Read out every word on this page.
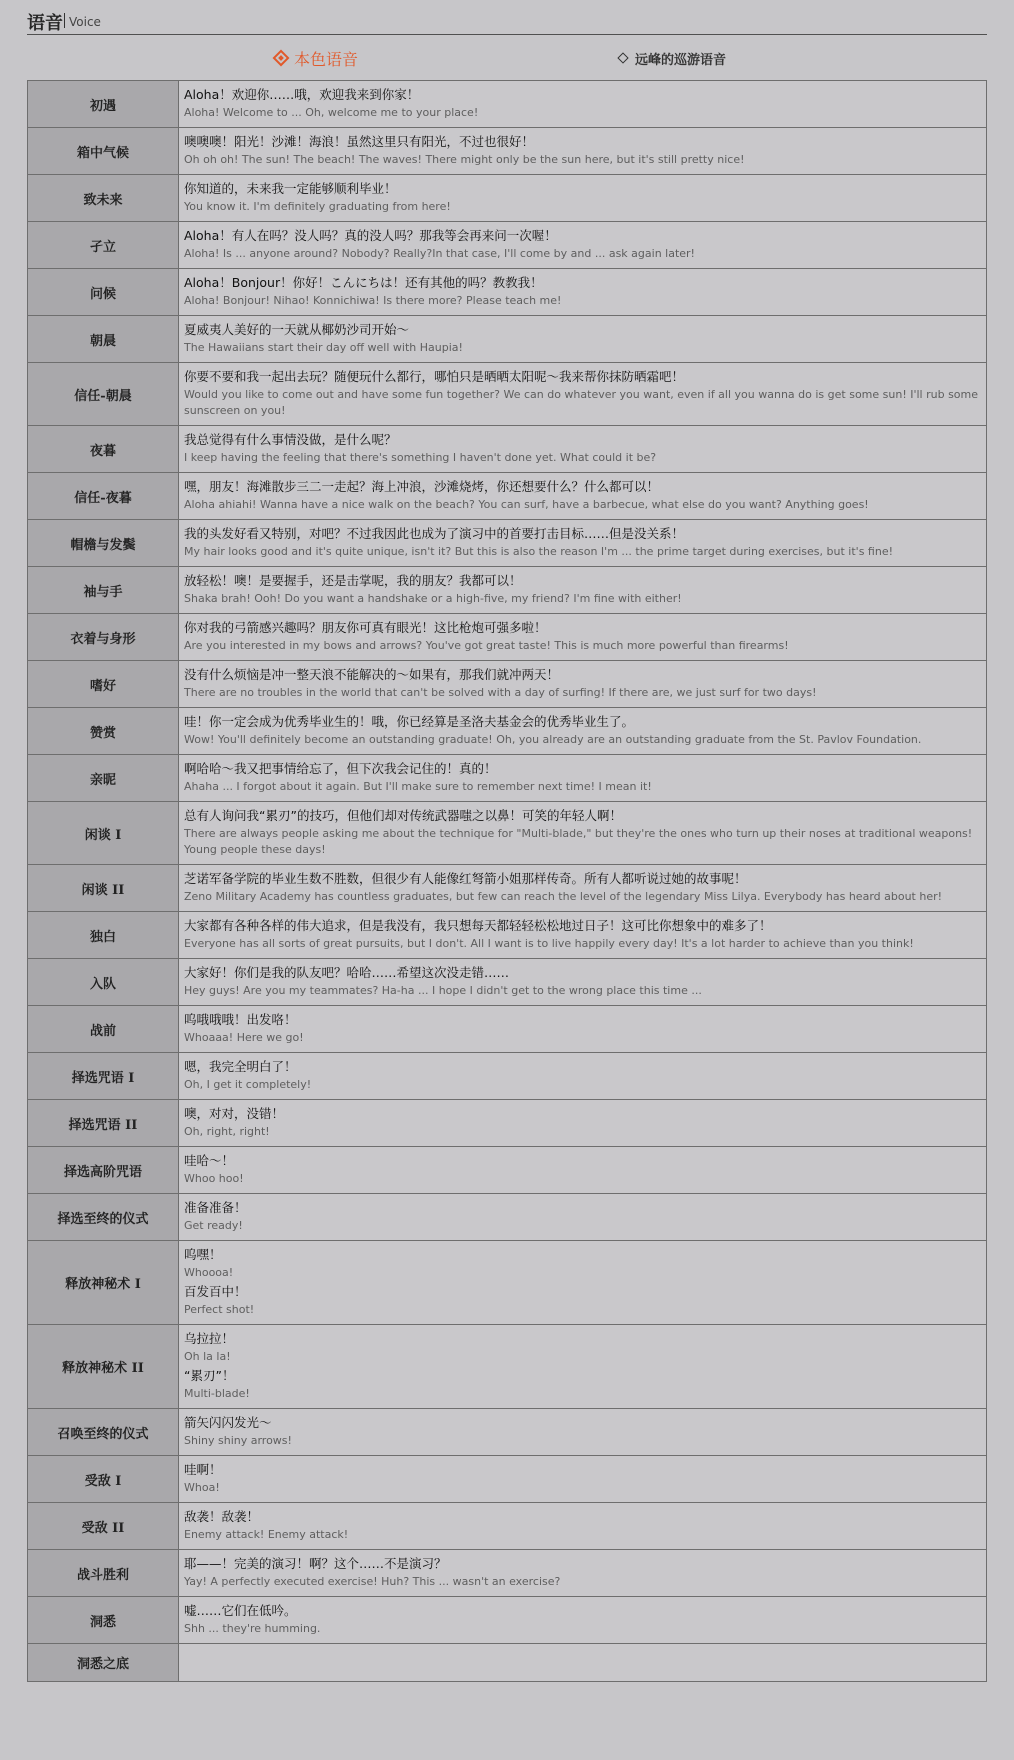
语音 Voice
本色语音	远峰的巡游语音
初遇	Aloha！欢迎你……哦，欢迎我来到你家！
Aloha! Welcome to ... Oh, welcome me to your place!

箱中气候	噢噢噢！阳光！沙滩！海浪！虽然这里只有阳光，不过也很好！
Oh oh oh! The sun! The beach! The waves! There might only be the sun here, but it's still pretty nice!

致未来	你知道的，未来我一定能够顺利毕业！
You know it. I'm definitely graduating from here!

孑立	Aloha！有人在吗？没人吗？真的没人吗？那我等会再来问一次喔！
Aloha! Is ... anyone around? Nobody? Really?In that case, I'll come by and ... ask again later!

问候	Aloha！Bonjour！你好！こんにちは！还有其他的吗？教教我！
Aloha! Bonjour! Nihao! Konnichiwa! Is there more? Please teach me!

朝晨	夏威夷人美好的一天就从椰奶沙司开始～
The Hawaiians start their day off well with Haupia!

信任-朝晨	你要不要和我一起出去玩？随便玩什么都行，哪怕只是晒晒太阳呢～我来帮你抹防晒霜吧！
Would you like to come out and have some fun together? We can do whatever you want, even if all you wanna do is get some sun! I'll rub some sunscreen on you!

夜暮	我总觉得有什么事情没做，是什么呢？
I keep having the feeling that there's something I haven't done yet. What could it be?

信任-夜暮	嘿，朋友！海滩散步三二一走起？海上冲浪，沙滩烧烤，你还想要什么？什么都可以！
Aloha ahiahi! Wanna have a nice walk on the beach? You can surf, have a barbecue, what else do you want? Anything goes!

帽檐与发鬓	我的头发好看又特别，对吧？不过我因此也成为了演习中的首要打击目标……但是没关系！
My hair looks good and it's quite unique, isn't it? But this is also the reason I'm ... the prime target during exercises, but it's fine!

袖与手	放轻松！噢！是要握手，还是击掌呢，我的朋友？我都可以！
Shaka brah! Ooh! Do you want a handshake or a high-five, my friend? I'm fine with either!

衣着与身形	你对我的弓箭感兴趣吗？朋友你可真有眼光！这比枪炮可强多啦！
Are you interested in my bows and arrows? You've got great taste! This is much more powerful than firearms!

嗜好	没有什么烦恼是冲一整天浪不能解决的～如果有，那我们就冲两天！
There are no troubles in the world that can't be solved with a day of surfing! If there are, we just surf for two days!

赞赏	哇！你一定会成为优秀毕业生的！哦，你已经算是圣洛夫基金会的优秀毕业生了。
Wow! You'll definitely become an outstanding graduate! Oh, you already are an outstanding graduate from the St. Pavlov Foundation.

亲昵	啊哈哈～我又把事情给忘了，但下次我会记住的！真的！
Ahaha ... I forgot about it again. But I'll make sure to remember next time! I mean it!

闲谈 I	总有人询问我“累刃”的技巧，但他们却对传统武器嗤之以鼻！可笑的年轻人啊！
There are always people asking me about the technique for "Multi-blade," but they're the ones who turn up their noses at traditional weapons! Young people these days!

闲谈 II	芝诺军备学院的毕业生数不胜数，但很少有人能像红弩箭小姐那样传奇。所有人都听说过她的故事呢！
Zeno Military Academy has countless graduates, but few can reach the level of the legendary Miss Lilya. Everybody has heard about her!

独白	大家都有各种各样的伟大追求，但是我没有，我只想每天都轻轻松松地过日子！这可比你想象中的难多了！
Everyone has all sorts of great pursuits, but I don't. All I want is to live happily every day! It's a lot harder to achieve than you think!

入队	大家好！你们是我的队友吧？哈哈……希望这次没走错……
Hey guys! Are you my teammates? Ha-ha ... I hope I didn't get to the wrong place this time ...

战前	呜哦哦哦！出发咯！
Whoaaa! Here we go!

择选咒语 I	嗯，我完全明白了！
Oh, I get it completely!

择选咒语 II	噢，对对，没错！
Oh, right, right!

择选高阶咒语	哇哈～！
Whoo hoo!

择选至终的仪式	准备准备！
Get ready!

释放神秘术 I	呜嘿！
Whoooa!
百发百中！
Perfect shot!

释放神秘术 II	乌拉拉！
Oh la la!
“累刃”！
Multi-blade!

召唤至终的仪式	箭矢闪闪发光～
Shiny shiny arrows!

受敌 I	哇啊！
Whoa!

受敌 II	敌袭！敌袭！
Enemy attack! Enemy attack!

战斗胜利	耶——！完美的演习！啊？这个……不是演习？
Yay! A perfectly executed exercise! Huh? This ... wasn't an exercise?

洞悉	嘘……它们在低吟。
Shh ... they're humming.

洞悉之底	
